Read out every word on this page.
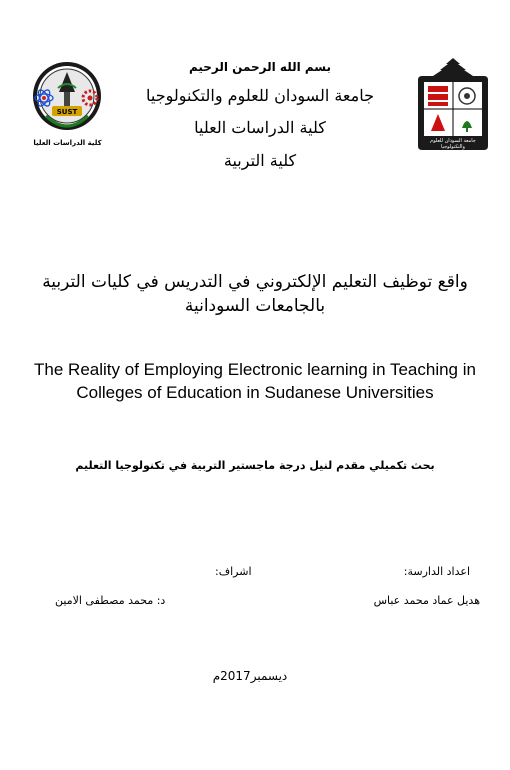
SUST
كلية الدراسات العليا	جامعة السودان للعلوم والتكنولوجيا
بسم الله الرحمن الرحيم
جامعة السودان للعلوم والتكنولوجيا
كلية الدراسات العليا
كلية التربية
واقع توظيف التعليم الإلكتروني في التدريس في كليات التربية بالجامعات السودانية
The Reality of Employing Electronic learning in Teaching in Colleges of Education in Sudanese Universities
بحث تكميلي مقدم لنيل درجة ماجستير التربية في تكنولوجيا التعليم
اعداد الدارسة:
هديل عماد محمد عباس
اشراف:
د: محمد مصطفى الامين
ديسمبر2017م
